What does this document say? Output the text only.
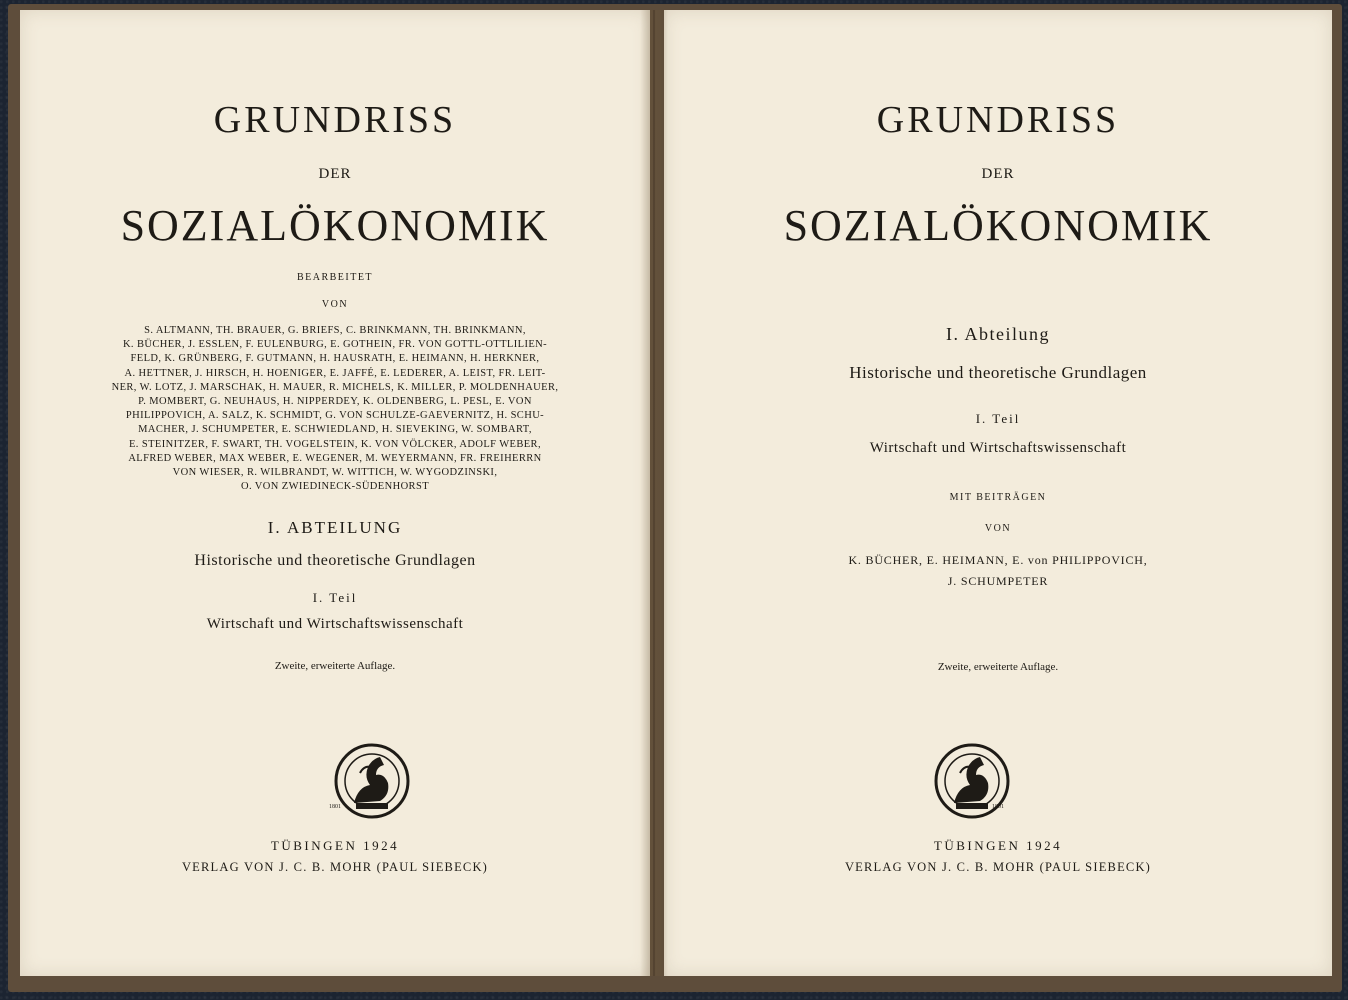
GRUNDRISS
DER
SOZIALÖKONOMIK
BEARBEITET
VON
S. ALTMANN, TH. BRAUER, G. BRIEFS, C. BRINKMANN, TH. BRINKMANN,
K. BÜCHER, J. ESSLEN, F. EULENBURG, E. GOTHEIN, FR. VON GOTTL-OTTLILIEN-
FELD, K. GRÜNBERG, F. GUTMANN, H. HAUSRATH, E. HEIMANN, H. HERKNER,
A. HETTNER, J. HIRSCH, H. HOENIGER, E. JAFFÉ, E. LEDERER, A. LEIST, FR. LEIT-
NER, W. LOTZ, J. MARSCHAK, H. MAUER, R. MICHELS, K. MILLER, P. MOLDENHAUER,
P. MOMBERT, G. NEUHAUS, H. NIPPERDEY, K. OLDENBERG, L. PESL, E. VON
PHILIPPOVICH, A. SALZ, K. SCHMIDT, G. VON SCHULZE-GAEVERNITZ, H. SCHU-
MACHER, J. SCHUMPETER, E. SCHWIEDLAND, H. SIEVEKING, W. SOMBART,
E. STEINITZER, F. SWART, TH. VOGELSTEIN, K. VON VÖLCKER, ADOLF WEBER,
ALFRED WEBER, MAX WEBER, E. WEGENER, M. WEYERMANN, FR. FREIHERRN
VON WIESER, R. WILBRANDT, W. WITTICH, W. WYGODZINSKI,
O. VON ZWIEDINECK-SÜDENHORST
I. ABTEILUNG
Historische und theoretische Grundlagen
I. Teil
Wirtschaft und Wirtschaftswissenschaft
Zweite, erweiterte Auflage.
1801
TÜBINGEN 1924
VERLAG VON J. C. B. MOHR (PAUL SIEBECK)
GRUNDRISS
DER
SOZIALÖKONOMIK
I. Abteilung
Historische und theoretische Grundlagen
I. Teil
Wirtschaft und Wirtschaftswissenschaft
MIT BEITRÄGEN
VON
K. BÜCHER, E. HEIMANN, E. von PHILIPPOVICH,
J. SCHUMPETER
Zweite, erweiterte Auflage.
1801
TÜBINGEN 1924
VERLAG VON J. C. B. MOHR (PAUL SIEBECK)
